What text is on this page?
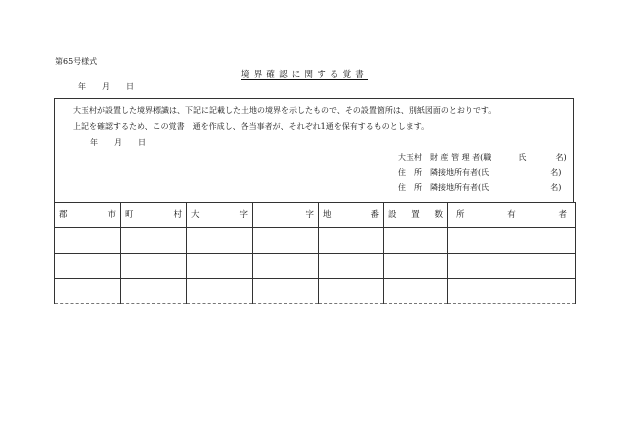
第65号様式
境界確認に関する覚書
年　　月　　日
大玉村が設置した境界標識は、下記に記載した土地の境界を示したもので、その設置箇所は、別紙図面のとおりです。
上記を確認するため、この覚書　通を作成し、各当事者が、それぞれ1通を保有するものとします。
年　　月　　日
大玉村　財 産 管 理 者(職	氏	名)
住　所　隣接地所有者(氏	名)
住　所　隣接地所有者(氏	名)
郡 市	町 村	大 字	字	地 番	設 置 数	所 有 者
